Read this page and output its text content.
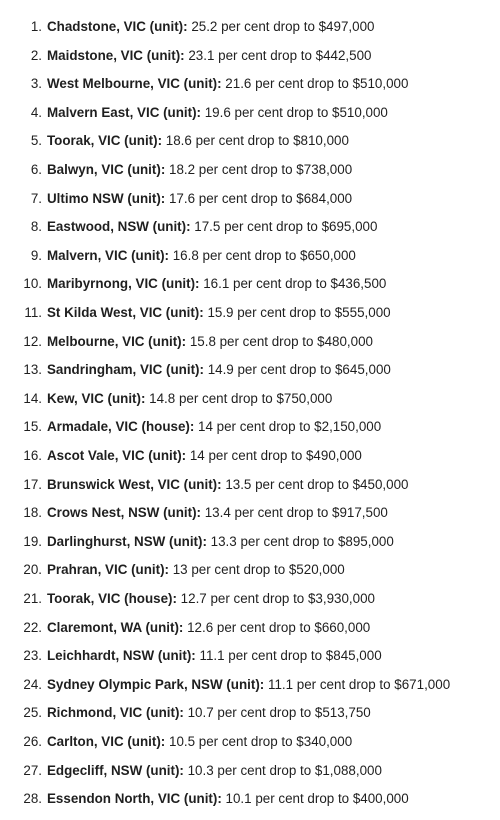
1. Chadstone, VIC (unit): 25.2 per cent drop to $497,000
2. Maidstone, VIC (unit): 23.1 per cent drop to $442,500
3. West Melbourne, VIC (unit): 21.6 per cent drop to $510,000
4. Malvern East, VIC (unit): 19.6 per cent drop to $510,000
5. Toorak, VIC (unit): 18.6 per cent drop to $810,000
6. Balwyn, VIC (unit): 18.2 per cent drop to $738,000
7. Ultimo NSW (unit): 17.6 per cent drop to $684,000
8. Eastwood, NSW (unit): 17.5 per cent drop to $695,000
9. Malvern, VIC (unit): 16.8 per cent drop to $650,000
10. Maribyrnong, VIC (unit): 16.1 per cent drop to $436,500
11. St Kilda West, VIC (unit): 15.9 per cent drop to $555,000
12. Melbourne, VIC (unit): 15.8 per cent drop to $480,000
13. Sandringham, VIC (unit): 14.9 per cent drop to $645,000
14. Kew, VIC (unit): 14.8 per cent drop to $750,000
15. Armadale, VIC (house): 14 per cent drop to $2,150,000
16. Ascot Vale, VIC (unit): 14 per cent drop to $490,000
17. Brunswick West, VIC (unit): 13.5 per cent drop to $450,000
18. Crows Nest, NSW (unit): 13.4 per cent drop to $917,500
19. Darlinghurst, NSW (unit): 13.3 per cent drop to $895,000
20. Prahran, VIC (unit): 13 per cent drop to $520,000
21. Toorak, VIC (house): 12.7 per cent drop to $3,930,000
22. Claremont, WA (unit): 12.6 per cent drop to $660,000
23. Leichhardt, NSW (unit): 11.1 per cent drop to $845,000
24. Sydney Olympic Park, NSW (unit): 11.1 per cent drop to $671,000
25. Richmond, VIC (unit): 10.7 per cent drop to $513,750
26. Carlton, VIC (unit): 10.5 per cent drop to $340,000
27. Edgecliff, NSW (unit): 10.3 per cent drop to $1,088,000
28. Essendon North, VIC (unit): 10.1 per cent drop to $400,000
